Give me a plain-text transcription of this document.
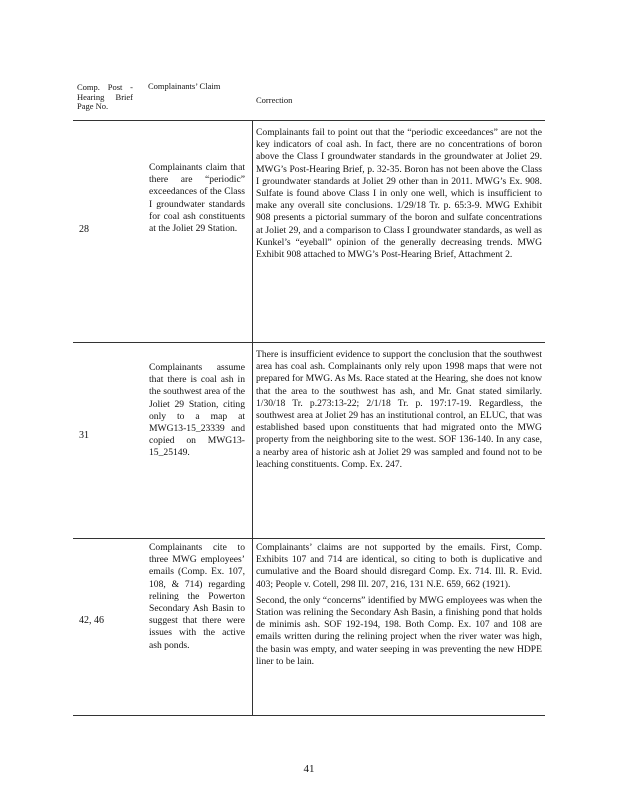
Comp. Post - Hearing Brief Page No.
Complainants’ Claim
Correction
28
Complainants claim that there are “periodic” exceedances of the Class I groundwater standards for coal ash constituents at the Joliet 29 Station.

Complainants fail to point out that the “periodic exceedances” are not the key indicators of coal ash. In fact, there are no concentrations of boron above the Class I groundwater standards in the groundwater at Joliet 29. MWG’s Post-Hearing Brief, p. 32-35. Boron has not been above the Class I groundwater standards at Joliet 29 other than in 2011. MWG’s Ex. 908. Sulfate is found above Class I in only one well, which is insufficient to make any overall site conclusions. 1/29/18 Tr. p. 65:3-9. MWG Exhibit 908 presents a pictorial summary of the boron and sulfate concentrations at Joliet 29, and a comparison to Class I groundwater standards, as well as Kunkel’s “eyeball” opinion of the generally decreasing trends. MWG Exhibit 908 attached to MWG’s Post-Hearing Brief, Attachment 2.

31
Complainants assume that there is coal ash in the southwest area of the Joliet 29 Station, citing only to a map at MWG13-15_23339 and copied on MWG13-15_25149.

There is insufficient evidence to support the conclusion that the southwest area has coal ash. Complainants only rely upon 1998 maps that were not prepared for MWG. As Ms. Race stated at the Hearing, she does not know that the area to the southwest has ash, and Mr. Gnat stated similarly. 1/30/18 Tr. p.273:13-22; 2/1/18 Tr. p. 197:17-19. Regardless, the southwest area at Joliet 29 has an institutional control, an ELUC, that was established based upon constituents that had migrated onto the MWG property from the neighboring site to the west. SOF 136-140. In any case, a nearby area of historic ash at Joliet 29 was sampled and found not to be leaching constituents. Comp. Ex. 247.

42, 46
Complainants cite to three MWG employees’ emails (Comp. Ex. 107, 108, & 714) regarding relining the Powerton Secondary Ash Basin to suggest that there were issues with the active ash ponds.

Complainants’ claims are not supported by the emails. First, Comp. Exhibits 107 and 714 are identical, so citing to both is duplicative and cumulative and the Board should disregard Comp. Ex. 714. Ill. R. Evid. 403; People v. Cotell, 298 Ill. 207, 216, 131 N.E. 659, 662 (1921).

Second, the only “concerns” identified by MWG employees was when the Station was relining the Secondary Ash Basin, a finishing pond that holds de minimis ash. SOF 192-194, 198. Both Comp. Ex. 107 and 108 are emails written during the relining project when the river water was high, the basin was empty, and water seeping in was preventing the new HDPE liner to be lain.

41
